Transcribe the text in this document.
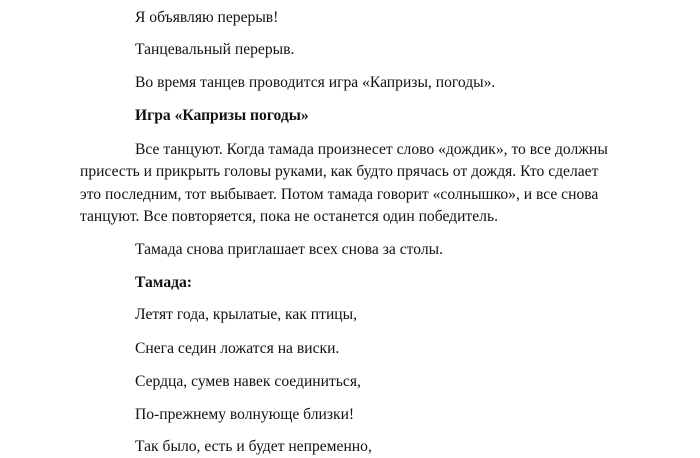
Я объявляю перерыв!
Танцевальный перерыв.
Во время танцев проводится игра «Капризы, погоды».
Игра «Капризы погоды»
Все танцуют. Когда тамада произнесет слово «дождик», то все должны
присесть и прикрыть головы руками, как будто прячась от дождя. Кто сделает
это последним, тот выбывает. Потом тамада говорит «солнышко», и все снова
танцуют. Все повторяется, пока не останется один победитель.
Тамада снова приглашает всех снова за столы.
Тамада:
Летят года, крылатые, как птицы,
Снега седин ложатся на виски.
Сердца, сумев навек соединиться,
По-прежнему волнующе близки!
Так было, есть и будет непременно,
